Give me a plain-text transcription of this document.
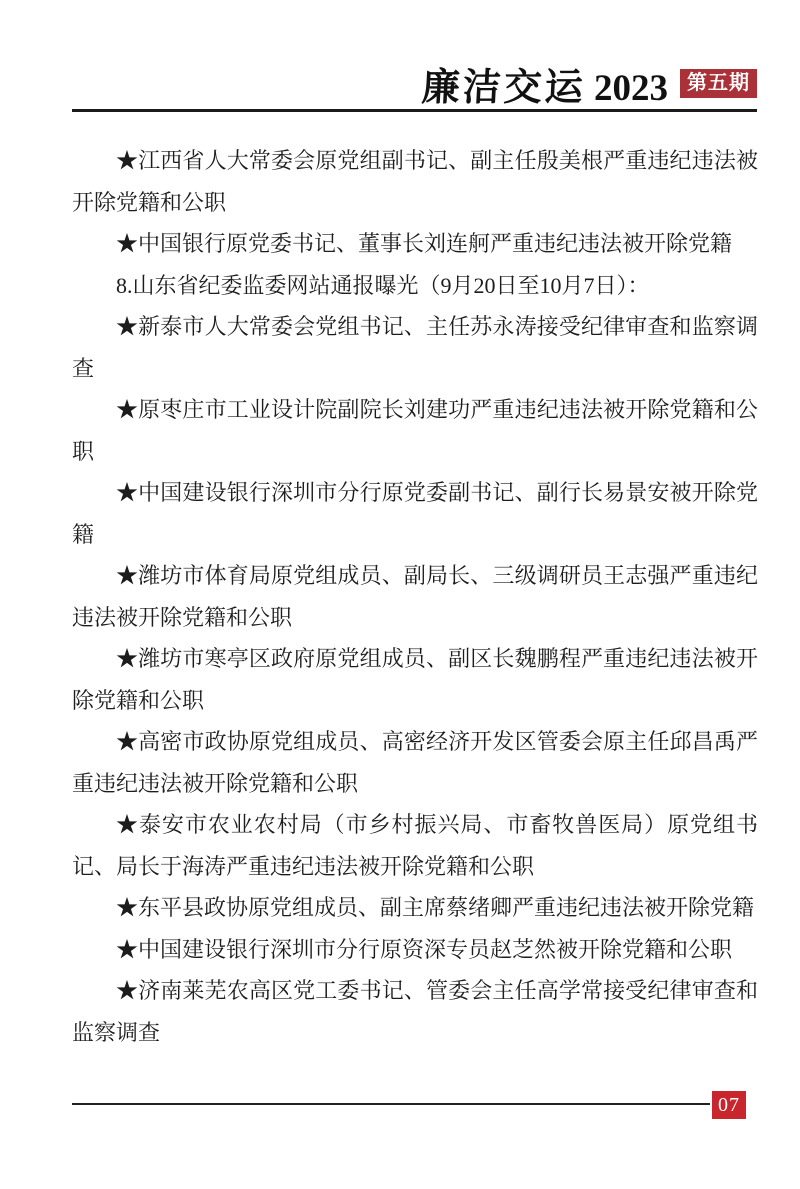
廉洁交运 2023 第五期

★江西省人大常委会原党组副书记、副主任殷美根严重违纪违法被开除党籍和公职

★中国银行原党委书记、董事长刘连舸严重违纪违法被开除党籍

8.山东省纪委监委网站通报曝光（9月20日至10月7日）：

★新泰市人大常委会党组书记、主任苏永涛接受纪律审查和监察调查

★原枣庄市工业设计院副院长刘建功严重违纪违法被开除党籍和公职

★中国建设银行深圳市分行原党委副书记、副行长易景安被开除党籍

★潍坊市体育局原党组成员、副局长、三级调研员王志强严重违纪违法被开除党籍和公职

★潍坊市寒亭区政府原党组成员、副区长魏鹏程严重违纪违法被开除党籍和公职

★高密市政协原党组成员、高密经济开发区管委会原主任邱昌禹严重违纪违法被开除党籍和公职

★泰安市农业农村局（市乡村振兴局、市畜牧兽医局）原党组书记、局长于海涛严重违纪违法被开除党籍和公职

★东平县政协原党组成员、副主席蔡绪卿严重违纪违法被开除党籍

★中国建设银行深圳市分行原资深专员赵芝然被开除党籍和公职

★济南莱芜农高区党工委书记、管委会主任高学常接受纪律审查和监察调查

07
